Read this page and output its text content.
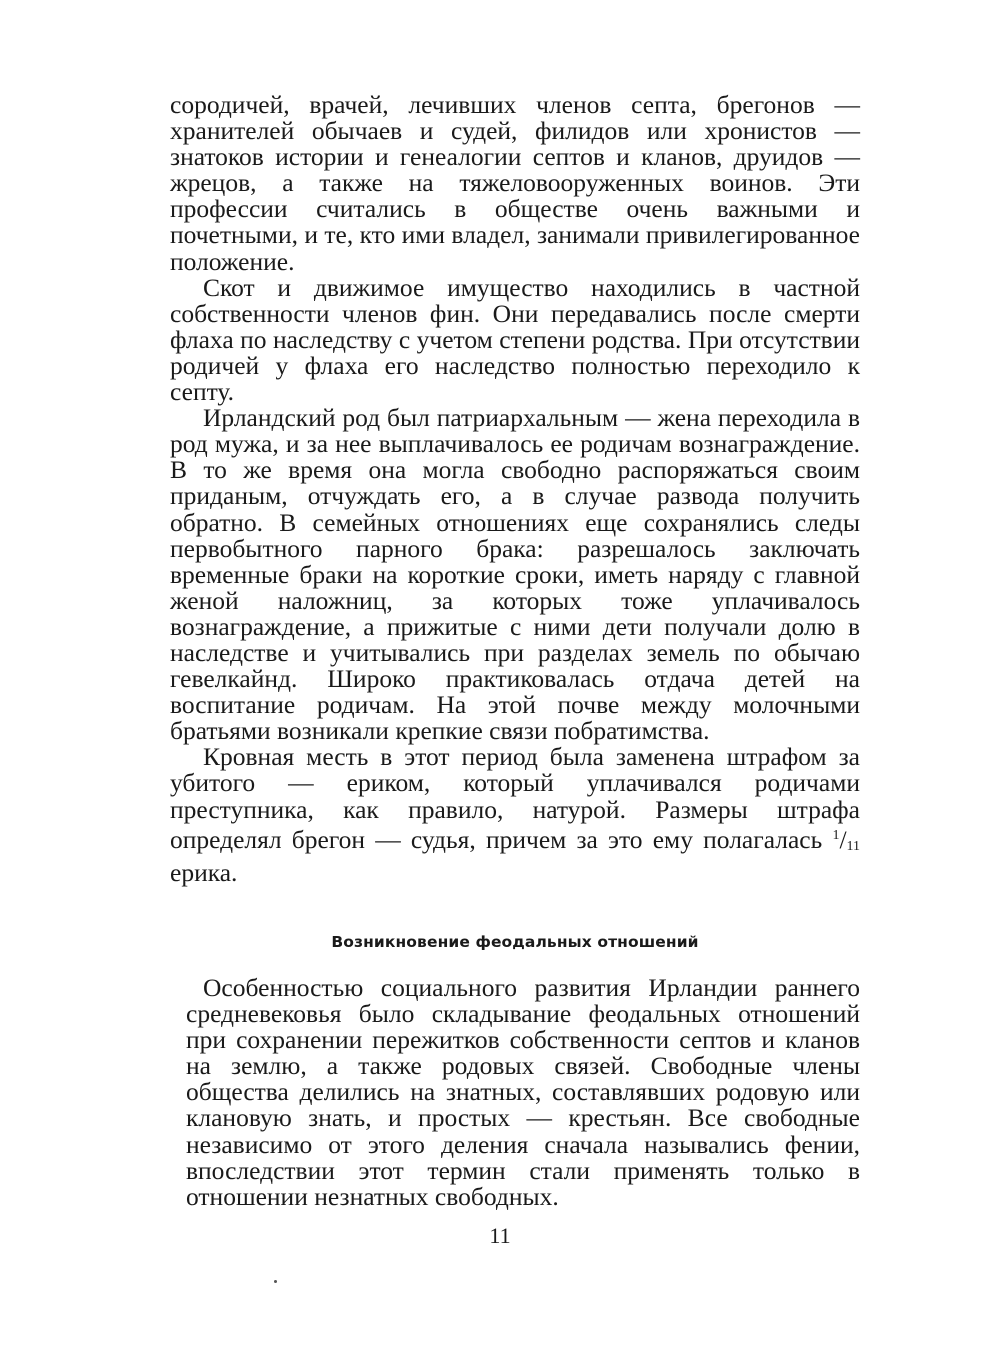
сородичей, врачей, лечивших членов септа, брегонов — хранителей обычаев и судей, филидов или хронистов — знатоков истории и генеалогии септов и кланов, друидов — жрецов, а также на тяжеловооруженных воинов. Эти профессии считались в обществе очень важными и почетными, и те, кто ими владел, занимали привилегированное положение.

Скот и движимое имущество находились в частной собственности членов фин. Они передавались после смерти флаха по наследству с учетом степени родства. При отсутствии родичей у флаха его наследство полностью переходило к септу.

Ирландский род был патриархальным — жена переходила в род мужа, и за нее выплачивалось ее родичам вознаграждение. В то же время она могла свободно распоряжаться своим приданым, отчуждать его, а в случае развода получить обратно. В семейных отношениях еще сохранялись следы первобытного парного брака: разрешалось заключать временные браки на короткие сроки, иметь наряду с главной женой наложниц, за которых тоже уплачивалось вознаграждение, а прижитые с ними дети получали долю в наследстве и учитывались при разделах земель по обычаю гевелкайнд. Широко практиковалась отдача детей на воспитание родичам. На этой почве между молочными братьями возникали крепкие связи побратимства.

Кровная месть в этот период была заменена штрафом за убитого — ериком, который уплачивался родичами преступника, как правило, натурой. Размеры штрафа определял брегон — судья, причем за это ему полагалась $^1/_{11}$ ерика.

Возникновение феодальных отношений

Особенностью социального развития Ирландии раннего средневековья было складывание феодальных отношений при сохранении пережитков собственности септов и кланов на землю, а также родовых связей. Свободные члены общества делились на знатных, составлявших родовую или клановую знать, и простых — крестьян. Все свободные независимо от этого деления сначала назывались фении, впоследствии этот термин стали применять только в отношении незнатных свободных.

11
